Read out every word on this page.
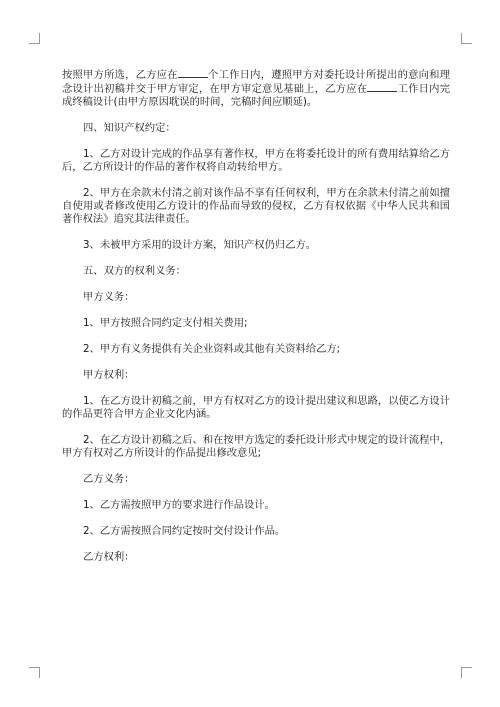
按照甲方所选，乙方应在	个工作日内，遵照甲方对委托设计所提出的意向和理念设计出初稿并交于甲方审定，在甲方审定意见基础上，乙方应在	工作日内完成终稿设计(由甲方原因耽误的时间，完稿时间应顺延)。

四、知识产权约定：

1、乙方对设计完成的作品享有著作权，甲方在将委托设计的所有费用结算给乙方后，乙方所设计的作品的著作权将自动转给甲方。

2、甲方在余款未付清之前对该作品不享有任何权利，甲方在余款未付清之前如擅自使用或者修改使用乙方设计的作品而导致的侵权，乙方有权依据《中华人民共和国著作权法》追究其法律责任。

3、未被甲方采用的设计方案，知识产权仍归乙方。

五、双方的权利义务：

甲方义务：

1、甲方按照合同约定支付相关费用;

2、甲方有义务提供有关企业资料或其他有关资料给乙方;

甲方权利：

1、在乙方设计初稿之前，甲方有权对乙方的设计提出建议和思路，以使乙方设计的作品更符合甲方企业文化内涵。

2、在乙方设计初稿之后、和在按甲方选定的委托设计形式中规定的设计流程中，甲方有权对乙方所设计的作品提出修改意见;

乙方义务：

1、乙方需按照甲方的要求进行作品设计。

2、乙方需按照合同约定按时交付设计作品。

乙方权利：
